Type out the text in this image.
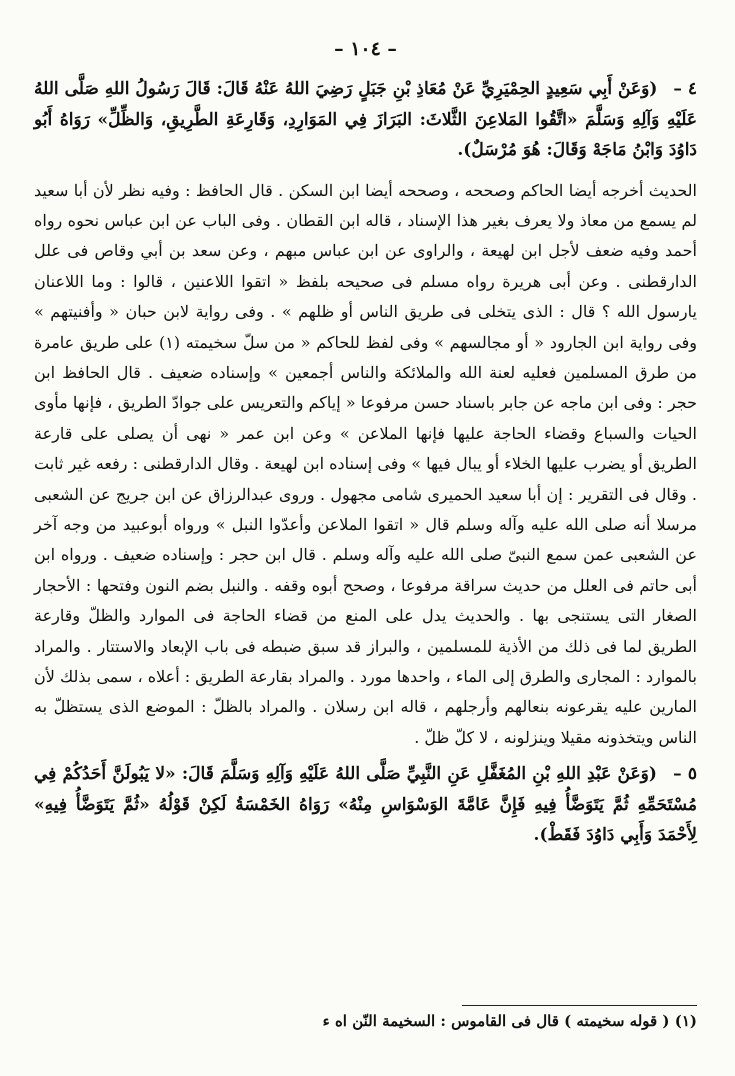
– ١٠٤ –

٤ – (وَعَنْ أَبِي سَعِيدٍ الحِمْيَرِيِّ عَنْ مُعَاذِ بْنِ جَبَلٍ رَضِيَ اللهُ عَنْهُ قَالَ: قَالَ رَسُولُ اللهِ صَلَّى اللهُ عَلَيْهِ وَآلِهِ وَسَلَّمَ «اتَّقُوا المَلاعِنَ الثَّلاثَ: البَرَازَ فِي المَوَارِدِ، وَقَارِعَةِ الطَّرِيقِ، وَالظِّلِّ» رَوَاهُ أَبُو دَاوُدَ وَابْنُ مَاجَهْ وَقَالَ: هُوَ مُرْسَلٌ).

الحديث أخرجه أيضا الحاكم وصححه ، وصححه أيضا ابن السكن . قال الحافظ : وفيه نظر لأن أبا سعيد لم يسمع من معاذ ولا يعرف بغير هذا الإسناد ، قاله ابن القطان . وفى الباب عن ابن عباس نحوه رواه أحمد وفيه ضعف لأجل ابن لهيعة ، والراوى عن ابن عباس مبهم ، وعن سعد بن أبي وقاص فى علل الدارقطنى . وعن أبى هريرة رواه مسلم فى صحيحه بلفظ « اتقوا اللاعنين ، قالوا : وما اللاعنان يارسول الله ؟ قال : الذى يتخلى فى طريق الناس أو ظلهم » . وفى رواية لابن حبان « وأفنيتهم » وفى رواية ابن الجارود « أو مجالسهم » وفى لفظ للحاكم « من سلّ سخيمته (١) على طريق عامرة من طرق المسلمين فعليه لعنة الله والملائكة والناس أجمعين » وإسناده ضعيف . قال الحافظ ابن حجر : وفى ابن ماجه عن جابر باسناد حسن مرفوعا « إياكم والتعريس على جوادّ الطريق ، فإنها مأوى الحيات والسباع وقضاء الحاجة عليها فإنها الملاعن » وعن ابن عمر « نهى أن يصلى على قارعة الطريق أو يضرب عليها الخلاء أو يبال فيها » وفى إسناده ابن لهيعة . وقال الدارقطنى : رفعه غير ثابت . وقال فى التقرير : إن أبا سعيد الحميرى شامى مجهول . وروى عبدالرزاق عن ابن جريج عن الشعبى مرسلا أنه صلى الله عليه وآله وسلم قال « اتقوا الملاعن وأعدّوا النبل » ورواه أبوعبيد من وجه آخر عن الشعبى عمن سمع النبىّ صلى الله عليه وآله وسلم . قال ابن حجر : وإسناده ضعيف . ورواه ابن أبى حاتم فى العلل من حديث سراقة مرفوعا ، وصحح أبوه وقفه . والنبل بضم النون وفتحها : الأحجار الصغار التى يستنجى بها . والحديث يدل على المنع من قضاء الحاجة فى الموارد والظلّ وقارعة الطريق لما فى ذلك من الأذية للمسلمين ، والبراز قد سبق ضبطه فى باب الإبعاد والاستتار . والمراد بالموارد : المجارى والطرق إلى الماء ، واحدها مورد . والمراد بقارعة الطريق : أعلاه ، سمى بذلك لأن المارين عليه يقرعونه بنعالهم وأرجلهم ، قاله ابن رسلان . والمراد بالظلّ : الموضع الذى يستظلّ به الناس ويتخذونه مقيلا وينزلونه ، لا كلّ ظلّ .

٥ – (وَعَنْ عَبْدِ اللهِ بْنِ المُغَفَّلِ عَنِ النَّبِيِّ صَلَّى اللهُ عَلَيْهِ وَآلِهِ وَسَلَّمَ قَالَ: «لا يَبُولَنَّ أَحَدُكُمْ فِي مُسْتَحَمِّهِ ثُمَّ يَتَوَضَّأُ فِيهِ فَإِنَّ عَامَّةَ الوَسْوَاسِ مِنْهُ» رَوَاهُ الخَمْسَةُ لَكِنْ قَوْلُهُ «ثُمَّ يَتَوَضَّأُ فِيهِ» لِأَحْمَدَ وَأَبِي دَاوُدَ فَقَطْ).

(١) ( قوله سخيمته ) قال فى القاموس : السخيمة النّن اه ء
